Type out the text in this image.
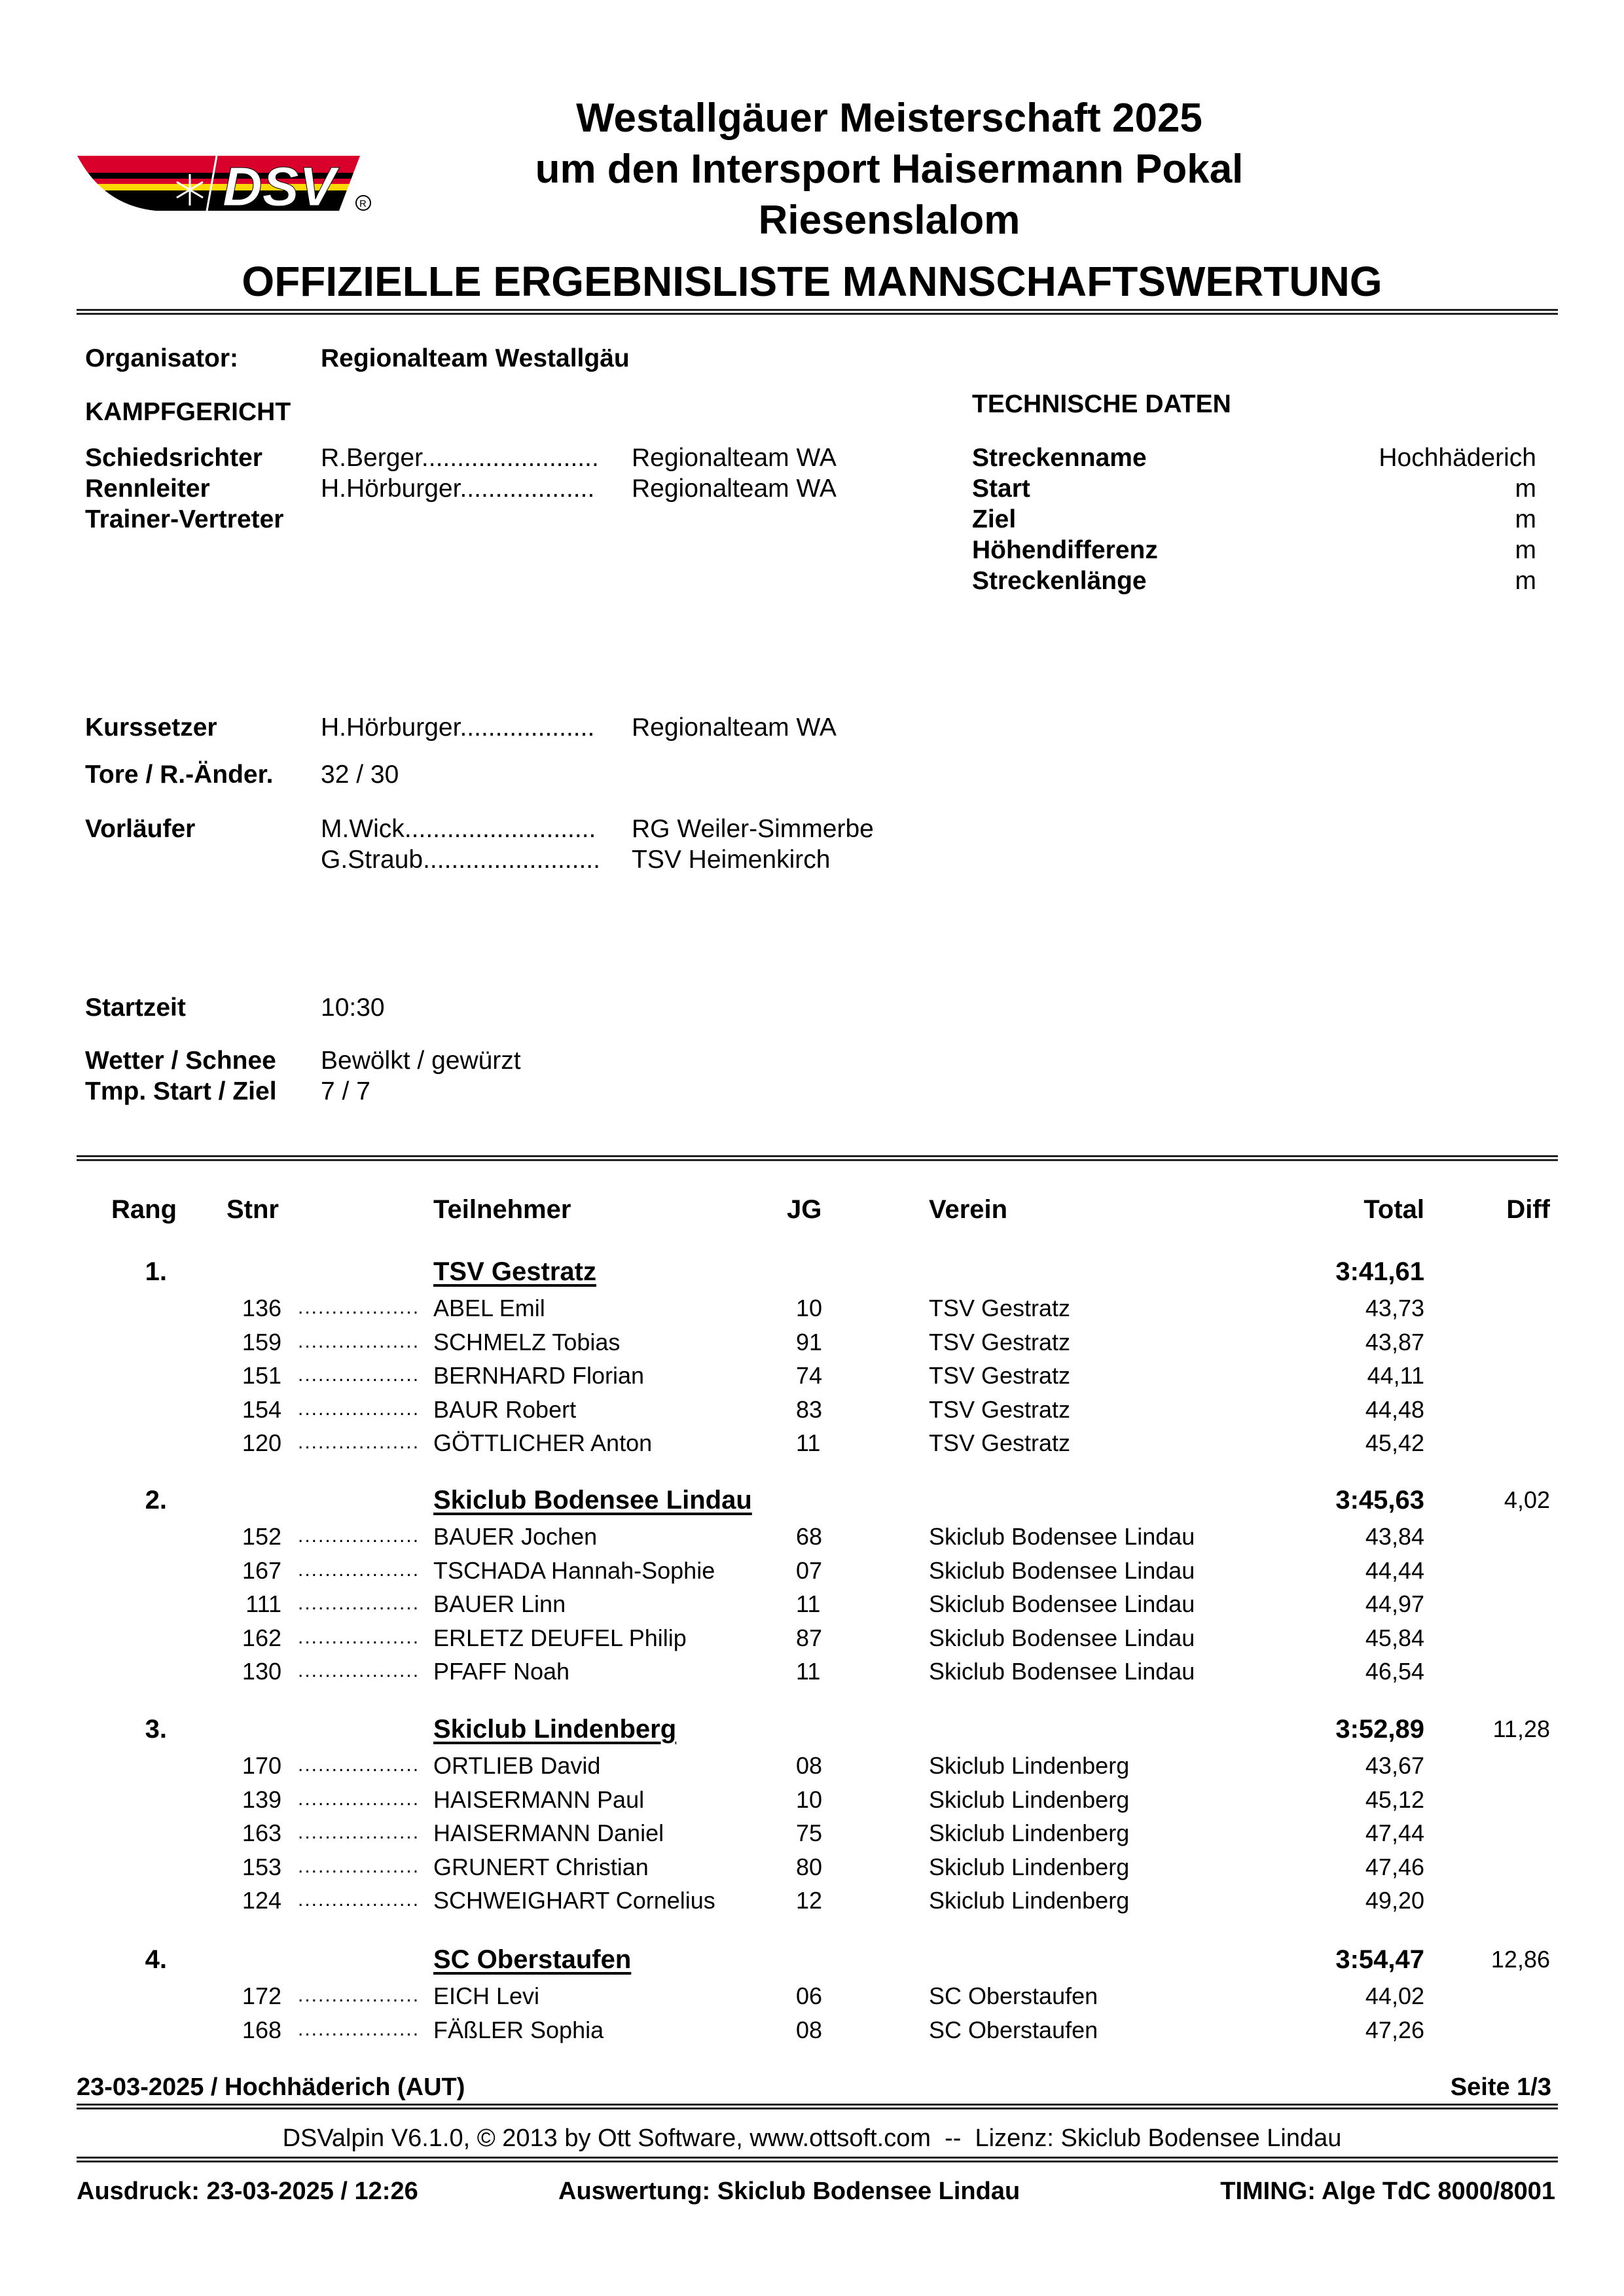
DSV	R
Westallgäuer Meisterschaft 2025
um den Intersport Haisermann Pokal
Riesenslalom
OFFIZIELLE ERGEBNISLISTE MANNSCHAFTSWERTUNG
Organisator:	Regionalteam Westallgäu
KAMPFGERICHT
Schiedsrichter R.Berger......................... Regionalteam WA
Rennleiter	H.Hörburger................... Regionalteam WA
Trainer-Vertreter
TECHNISCHE DATEN
Streckenname	Hochhäderich
Start	m
Ziel	m
Höhendifferenz	m
Streckenlänge	m
Kurssetzer	H.Hörburger................... Regionalteam WA
Tore / R.-Änder. 32 / 30
Vorläufer	M.Wick........................... RG Weiler-Simmerbe
G.Straub......................... TSV Heimenkirch
Startzeit	10:30
Wetter / Schnee Bewölkt / gewürzt
Tmp. Start / Ziel 7 / 7
Rang Stnr	Teilnehmer	JG	Verein	Total	Diff
1.	TSV Gestratz	3:41,61
136 .................. ABEL Emil	10	TSV Gestratz	43,73
159 .................. SCHMELZ Tobias	91	TSV Gestratz	43,87
151 .................. BERNHARD Florian	74	TSV Gestratz	44,11
154 .................. BAUR Robert	83	TSV Gestratz	44,48
120 .................. GÖTTLICHER Anton	11	TSV Gestratz	45,42
2.	Skiclub Bodensee Lindau	3:45,63	4,02
152 .................. BAUER Jochen	68	Skiclub Bodensee Lindau	43,84
167 .................. TSCHADA Hannah-Sophie	07	Skiclub Bodensee Lindau	44,44
111 .................. BAUER Linn	11	Skiclub Bodensee Lindau	44,97
162 .................. ERLETZ DEUFEL Philip	87	Skiclub Bodensee Lindau	45,84
130 .................. PFAFF Noah	11	Skiclub Bodensee Lindau	46,54
3.	Skiclub Lindenberg	3:52,89	11,28
170 .................. ORTLIEB David	08	Skiclub Lindenberg	43,67
139 .................. HAISERMANN Paul	10	Skiclub Lindenberg	45,12
163 .................. HAISERMANN Daniel	75	Skiclub Lindenberg	47,44
153 .................. GRUNERT Christian	80	Skiclub Lindenberg	47,46
124 .................. SCHWEIGHART Cornelius	12	Skiclub Lindenberg	49,20
4.	SC Oberstaufen	3:54,47	12,86
172 .................. EICH Levi	06	SC Oberstaufen	44,02
168 .................. FÄßLER Sophia	08	SC Oberstaufen	47,26
23-03-2025 / Hochhäderich (AUT)	Seite 1/3
DSValpin V6.1.0, © 2013 by Ott Software, www.ottsoft.com  --  Lizenz: Skiclub Bodensee Lindau
Ausdruck: 23-03-2025 / 12:26	Auswertung: Skiclub Bodensee Lindau	TIMING: Alge TdC 8000/8001
